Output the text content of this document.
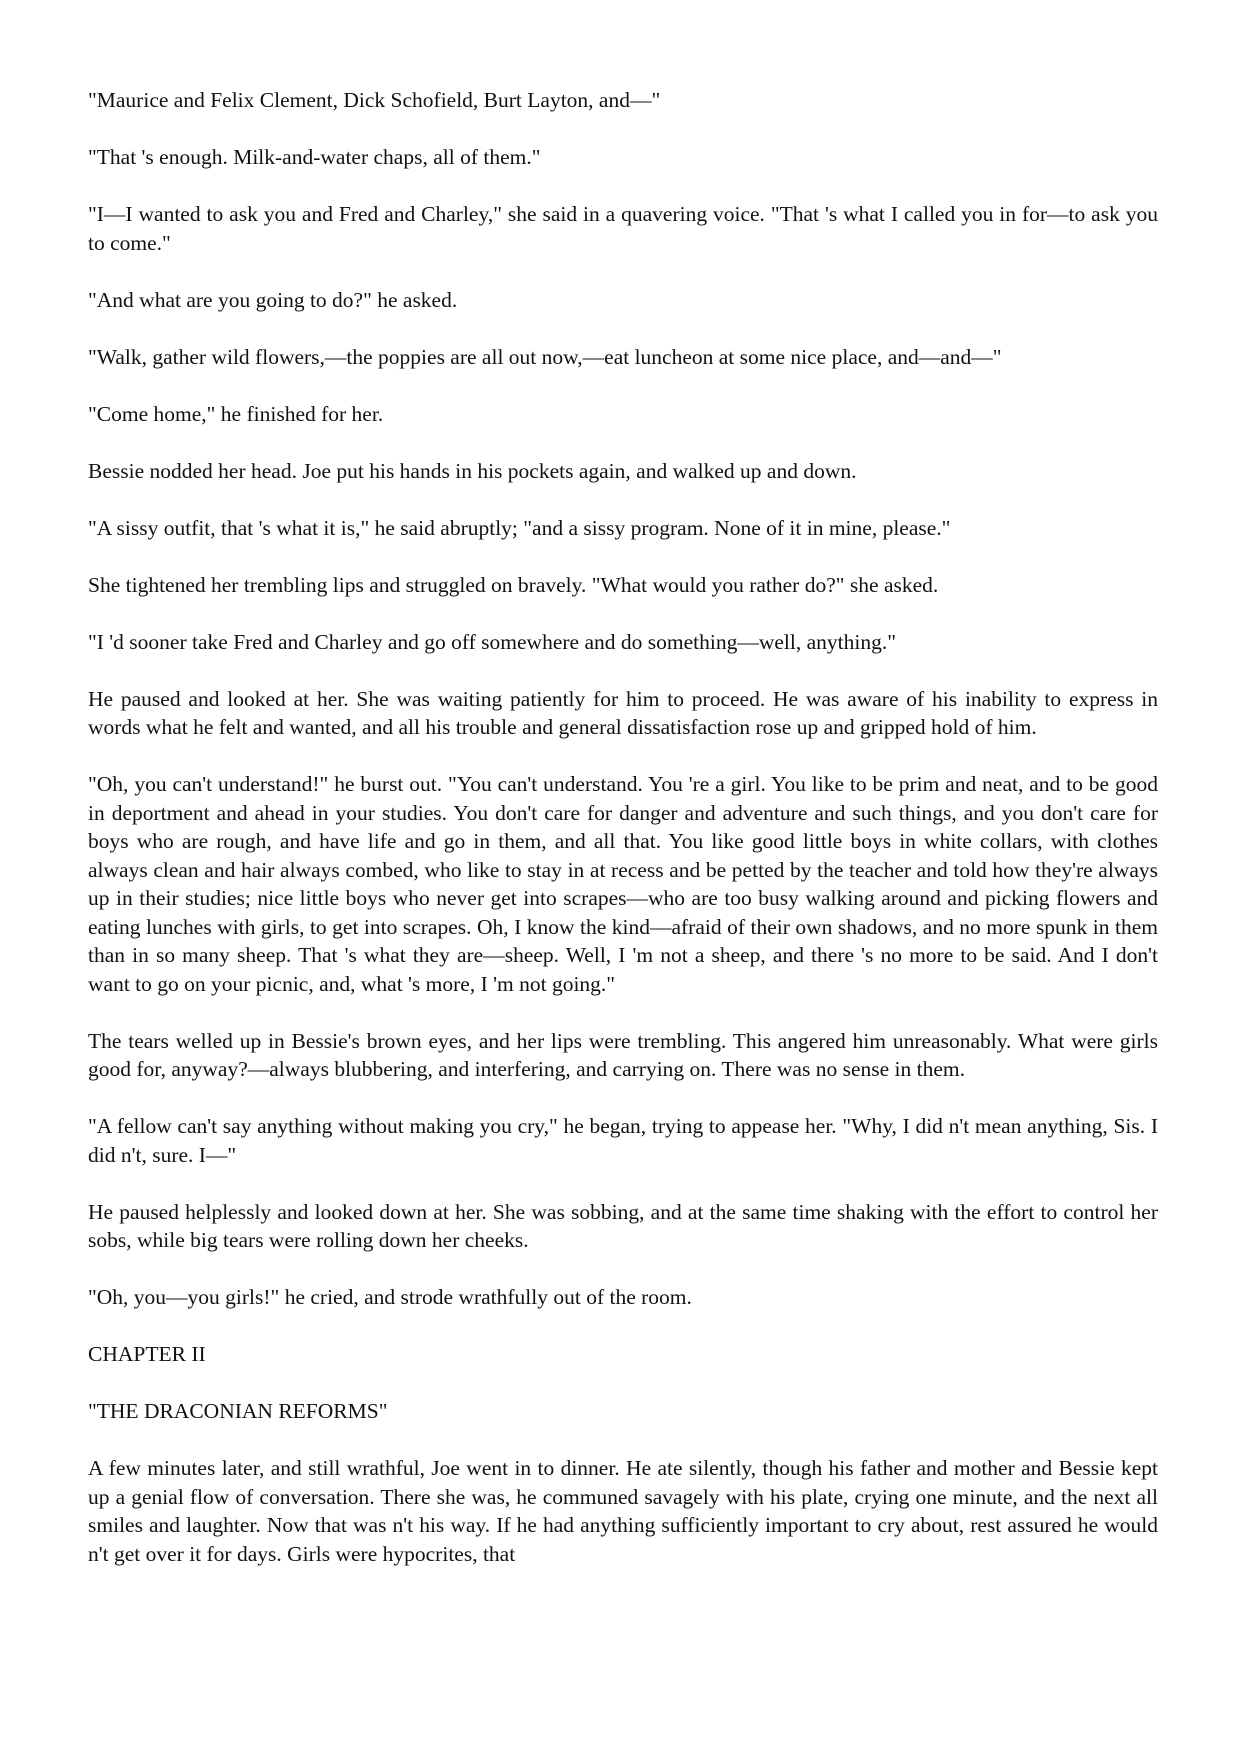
"Maurice and Felix Clement, Dick Schofield, Burt Layton, and—"

"That 's enough. Milk-and-water chaps, all of them."

"I—I wanted to ask you and Fred and Charley," she said in a quavering voice. "That 's what I called you in for—to ask you to come."

"And what are you going to do?" he asked.

"Walk, gather wild flowers,—the poppies are all out now,—eat luncheon at some nice place, and—and—"

"Come home," he finished for her.

Bessie nodded her head. Joe put his hands in his pockets again, and walked up and down.

"A sissy outfit, that 's what it is," he said abruptly; "and a sissy program. None of it in mine, please."

She tightened her trembling lips and struggled on bravely. "What would you rather do?" she asked.

"I 'd sooner take Fred and Charley and go off somewhere and do something—well, anything."

He paused and looked at her. She was waiting patiently for him to proceed. He was aware of his inability to express in words what he felt and wanted, and all his trouble and general dissatisfaction rose up and gripped hold of him.

"Oh, you can't understand!" he burst out. "You can't understand. You 're a girl. You like to be prim and neat, and to be good in deportment and ahead in your studies. You don't care for danger and adventure and such things, and you don't care for boys who are rough, and have life and go in them, and all that. You like good little boys in white collars, with clothes always clean and hair always combed, who like to stay in at recess and be petted by the teacher and told how they're always up in their studies; nice little boys who never get into scrapes—who are too busy walking around and picking flowers and eating lunches with girls, to get into scrapes. Oh, I know the kind—afraid of their own shadows, and no more spunk in them than in so many sheep. That 's what they are—sheep. Well, I 'm not a sheep, and there 's no more to be said. And I don't want to go on your picnic, and, what 's more, I 'm not going."

The tears welled up in Bessie's brown eyes, and her lips were trembling. This angered him unreasonably. What were girls good for, anyway?—always blubbering, and interfering, and carrying on. There was no sense in them.

"A fellow can't say anything without making you cry," he began, trying to appease her. "Why, I did n't mean anything, Sis. I did n't, sure. I—"

He paused helplessly and looked down at her. She was sobbing, and at the same time shaking with the effort to control her sobs, while big tears were rolling down her cheeks.

"Oh, you—you girls!" he cried, and strode wrathfully out of the room.

CHAPTER II

"THE DRACONIAN REFORMS"

A few minutes later, and still wrathful, Joe went in to dinner. He ate silently, though his father and mother and Bessie kept up a genial flow of conversation. There she was, he communed savagely with his plate, crying one minute, and the next all smiles and laughter. Now that was n't his way. If he had anything sufficiently important to cry about, rest assured he would n't get over it for days. Girls were hypocrites, that
